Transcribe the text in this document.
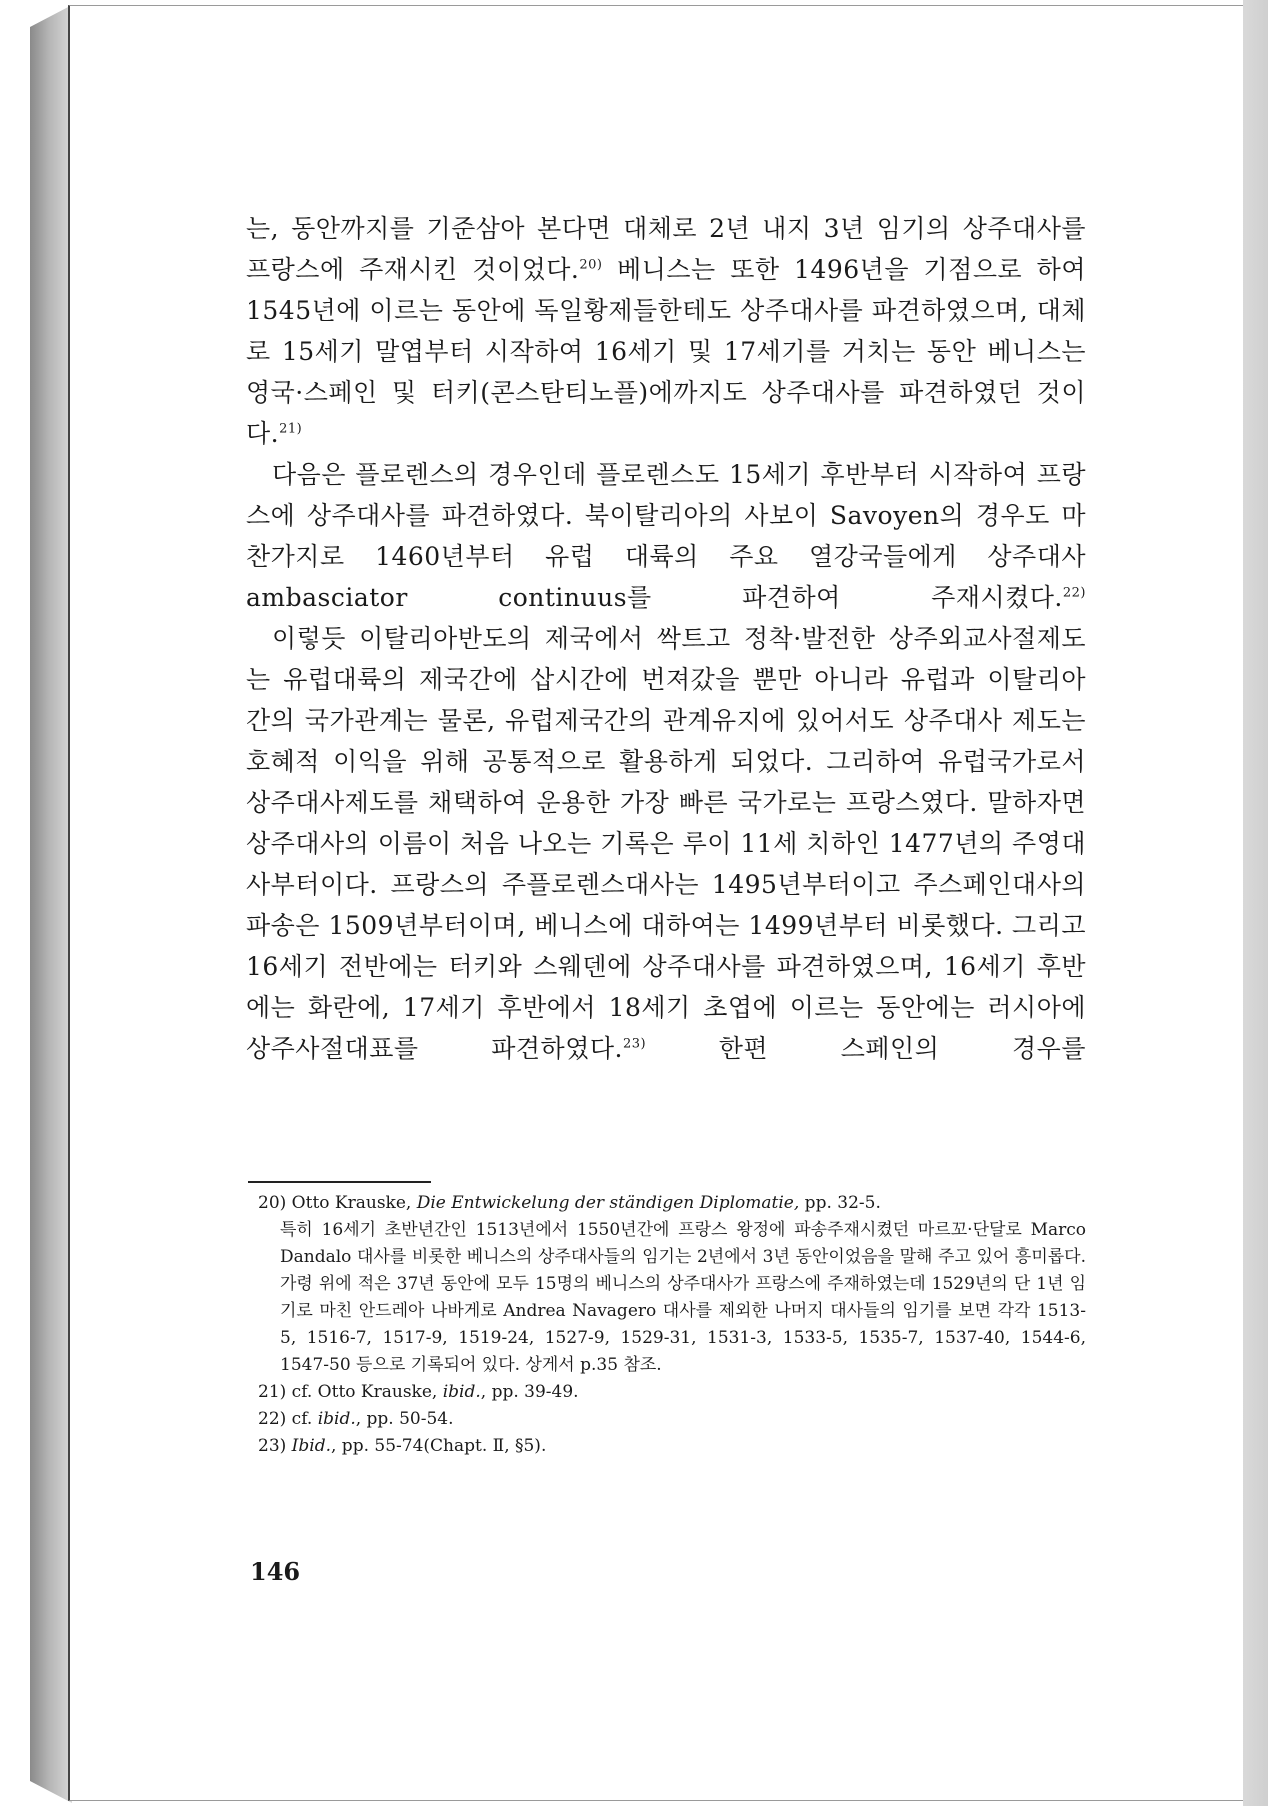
는, 동안까지를 기준삼아 본다면 대체로 2년 내지 3년 임기의 상주대사를 프랑스에 주재시킨 것이었다.$^{20)}$ 베니스는 또한 1496년을 기점으로 하여 1545년에 이르는 동안에 독일황제들한테도 상주대사를 파견하였으며, 대체로 15세기 말엽부터 시작하여 16세기 및 17세기를 거치는 동안 베니스는 영국·스페인 및 터키(콘스탄티노플)에까지도 상주대사를 파견하였던 것이다.$^{21)}$

다음은 플로렌스의 경우인데 플로렌스도 15세기 후반부터 시작하여 프랑스에 상주대사를 파견하였다. 북이탈리아의 사보이 Savoyen의 경우도 마찬가지로 1460년부터 유럽 대륙의 주요 열강국들에게 상주대사 ambasciator continuus를 파견하여 주재시켰다.$^{22)}$

이렇듯 이탈리아반도의 제국에서 싹트고 정착·발전한 상주외교사절제도는 유럽대륙의 제국간에 삽시간에 번져갔을 뿐만 아니라 유럽과 이탈리아 간의 국가관계는 물론, 유럽제국간의 관계유지에 있어서도 상주대사 제도는 호혜적 이익을 위해 공통적으로 활용하게 되었다. 그리하여 유럽국가로서 상주대사제도를 채택하여 운용한 가장 빠른 국가로는 프랑스였다. 말하자면 상주대사의 이름이 처음 나오는 기록은 루이 11세 치하인 1477년의 주영대사부터이다. 프랑스의 주플로렌스대사는 1495년부터이고 주스페인대사의 파송은 1509년부터이며, 베니스에 대하여는 1499년부터 비롯했다. 그리고 16세기 전반에는 터키와 스웨덴에 상주대사를 파견하였으며, 16세기 후반에는 화란에, 17세기 후반에서 18세기 초엽에 이르는 동안에는 러시아에 상주사절대표를 파견하였다.$^{23)}$ 한편 스페인의 경우를

20) Otto Krauske, Die Entwickelung der ständigen Diplomatie, pp. 32-5.

특히 16세기 초반년간인 1513년에서 1550년간에 프랑스 왕정에 파송주재시켰던 마르꼬·단달로 Marco Dandalo 대사를 비롯한 베니스의 상주대사들의 임기는 2년에서 3년 동안이었음을 말해 주고 있어 흥미롭다. 가령 위에 적은 37년 동안에 모두 15명의 베니스의 상주대사가 프랑스에 주재하였는데 1529년의 단 1년 임기로 마친 안드레아 나바게로 Andrea Navagero 대사를 제외한 나머지 대사들의 임기를 보면 각각 1513-5, 1516-7, 1517-9, 1519-24, 1527-9, 1529-31, 1531-3, 1533-5, 1535-7, 1537-40, 1544-6, 1547-50 등으로 기록되어 있다. 상게서 p.35 참조.

21) cf. Otto Krauske, ibid., pp. 39-49.

22) cf. ibid., pp. 50-54.

23) Ibid., pp. 55-74(Chapt. Ⅱ, §5).

146
